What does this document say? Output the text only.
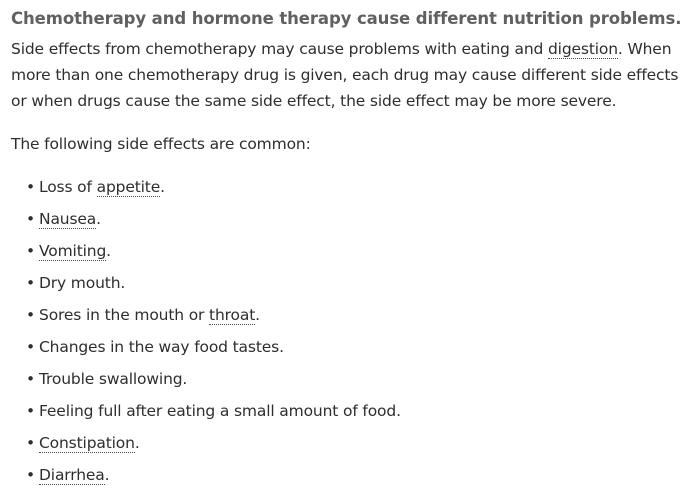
Chemotherapy and hormone therapy cause different nutrition problems.

Side effects from chemotherapy may cause problems with eating and digestion. When more than one chemotherapy drug is given, each drug may cause different side effects or when drugs cause the same side effect, the side effect may be more severe.

The following side effects are common:

• Loss of appetite.
• Nausea.
• Vomiting.
• Dry mouth.
• Sores in the mouth or throat.
• Changes in the way food tastes.
• Trouble swallowing.
• Feeling full after eating a small amount of food.
• Constipation.
• Diarrhea.
